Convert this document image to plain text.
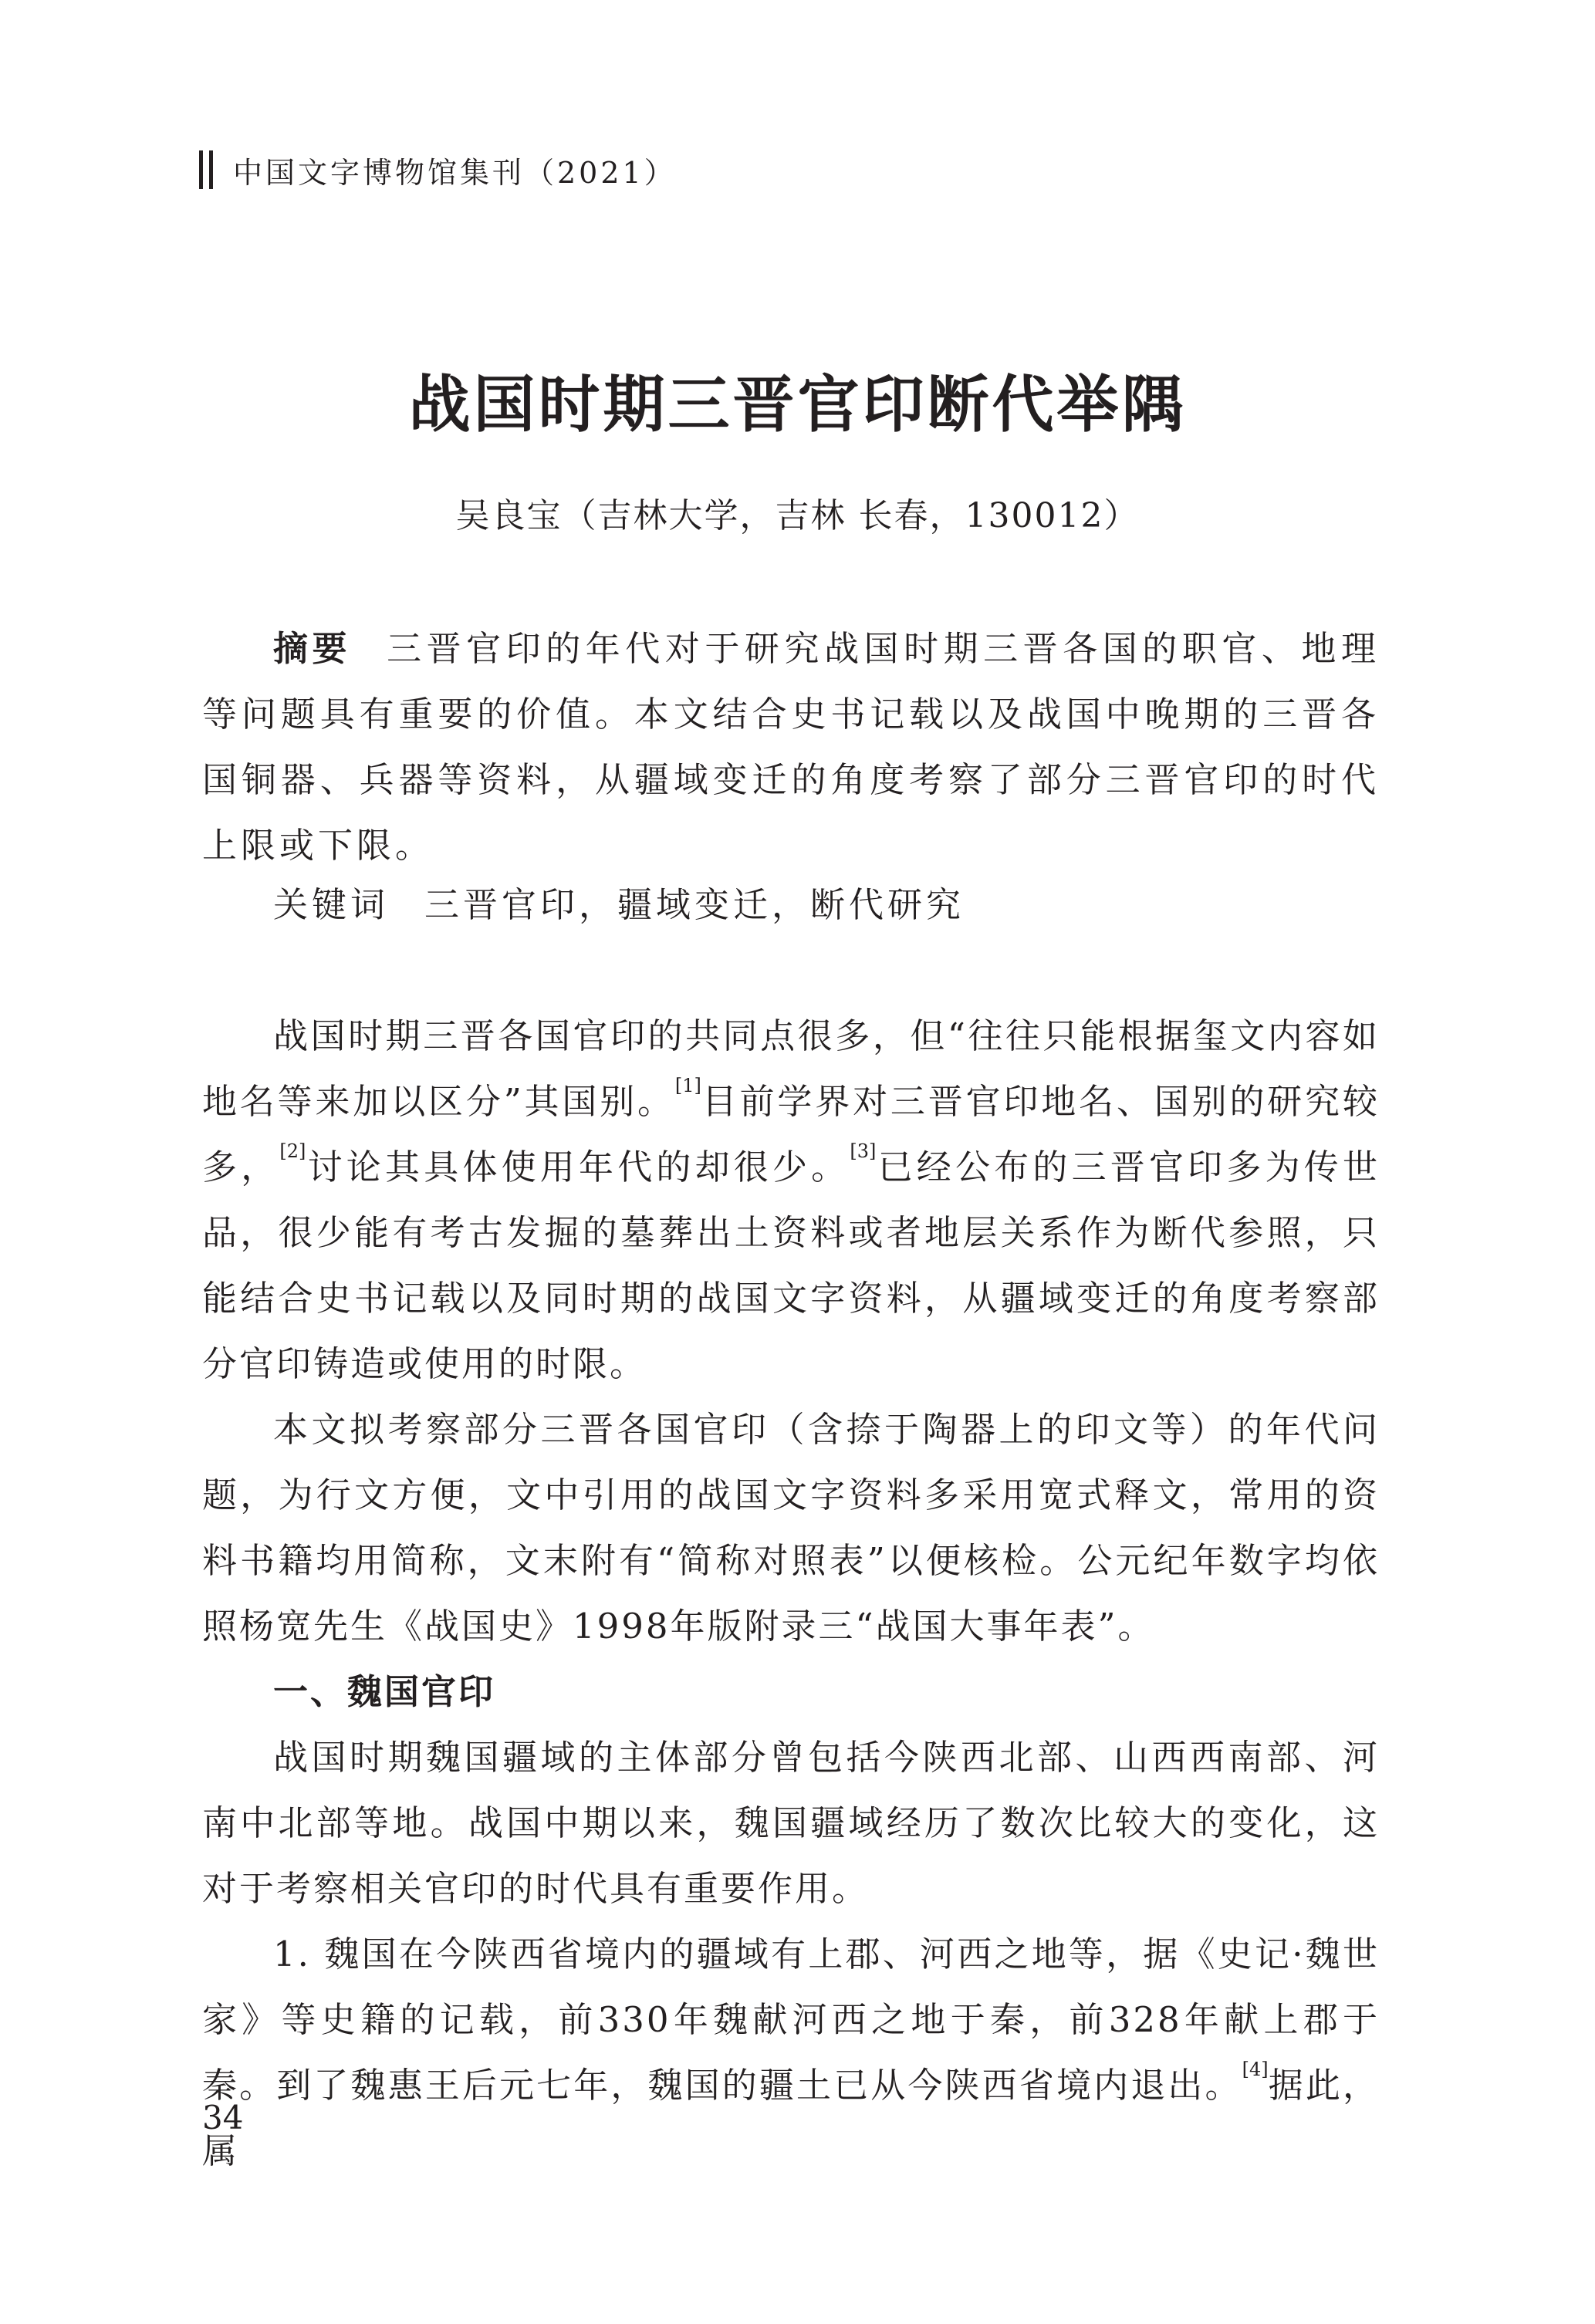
中国文字博物馆集刊（2021）
战国时期三晋官印断代举隅
吴良宝（吉林大学，吉林 长春，130012）
摘要 三晋官印的年代对于研究战国时期三晋各国的职官、地理等问题具有重要的价值。本文结合史书记载以及战国中晚期的三晋各国铜器、兵器等资料，从疆域变迁的角度考察了部分三晋官印的时代上限或下限。
关键词 三晋官印，疆域变迁，断代研究

战国时期三晋各国官印的共同点很多，但“往往只能根据玺文内容如地名等来加以区分”其国别。[1]目前学界对三晋官印地名、国别的研究较多，[2]讨论其具体使用年代的却很少。[3]已经公布的三晋官印多为传世品，很少能有考古发掘的墓葬出土资料或者地层关系作为断代参照，只能结合史书记载以及同时期的战国文字资料，从疆域变迁的角度考察部分官印铸造或使用的时限。

本文拟考察部分三晋各国官印（含捺于陶器上的印文等）的年代问题，为行文方便，文中引用的战国文字资料多采用宽式释文，常用的资料书籍均用简称，文末附有“简称对照表”以便核检。公元纪年数字均依照杨宽先生《战国史》1998年版附录三“战国大事年表”。

一、魏国官印

战国时期魏国疆域的主体部分曾包括今陕西北部、山西西南部、河南中北部等地。战国中期以来，魏国疆域经历了数次比较大的变化，这对于考察相关官印的时代具有重要作用。

1. 魏国在今陕西省境内的疆域有上郡、河西之地等，据《史记·魏世家》等史籍的记载，前330年魏献河西之地于秦，前328年献上郡于秦。到了魏惠王后元七年，魏国的疆土已从今陕西省境内退出。[4]据此，属

34
